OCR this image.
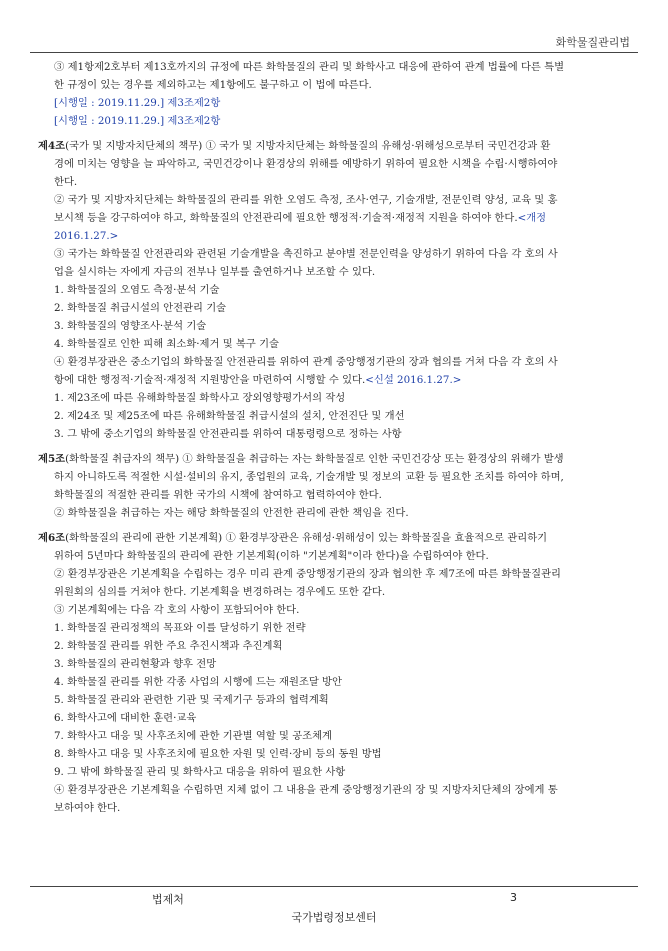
화학물질관리법
③ 제1항제2호부터 제13호까지의 규정에 따른 화학물질의 관리 및 화학사고 대응에 관하여 관계 법률에 다른 특별
한 규정이 있는 경우를 제외하고는 제1항에도 불구하고 이 법에 따른다.
[시행일 : 2019.11.29.] 제3조제2항
[시행일 : 2019.11.29.] 제3조제2항
제4조(국가 및 지방자치단체의 책무) ① 국가 및 지방자치단체는 화학물질의 유해성·위해성으로부터 국민건강과 환
경에 미치는 영향을 늘 파악하고, 국민건강이나 환경상의 위해를 예방하기 위하여 필요한 시책을 수립·시행하여야
한다.
② 국가 및 지방자치단체는 화학물질의 관리를 위한 오염도 측정, 조사·연구, 기술개발, 전문인력 양성, 교육 및 홍
보시책 등을 강구하여야 하고, 화학물질의 안전관리에 필요한 행정적·기술적·재정적 지원을 하여야 한다.<개정
2016.1.27.>
③ 국가는 화학물질 안전관리와 관련된 기술개발을 촉진하고 분야별 전문인력을 양성하기 위하여 다음 각 호의 사
업을 실시하는 자에게 자금의 전부나 일부를 출연하거나 보조할 수 있다.
1. 화학물질의 오염도 측정·분석 기술
2. 화학물질 취급시설의 안전관리 기술
3. 화학물질의 영향조사·분석 기술
4. 화학물질로 인한 피해 최소화·제거 및 복구 기술
④ 환경부장관은 중소기업의 화학물질 안전관리를 위하여 관계 중앙행정기관의 장과 협의를 거쳐 다음 각 호의 사
항에 대한 행정적·기술적·재정적 지원방안을 마련하여 시행할 수 있다.<신설 2016.1.27.>
1. 제23조에 따른 유해화학물질 화학사고 장외영향평가서의 작성
2. 제24조 및 제25조에 따른 유해화학물질 취급시설의 설치, 안전진단 및 개선
3. 그 밖에 중소기업의 화학물질 안전관리를 위하여 대통령령으로 정하는 사항
제5조(화학물질 취급자의 책무) ① 화학물질을 취급하는 자는 화학물질로 인한 국민건강상 또는 환경상의 위해가 발생
하지 아니하도록 적절한 시설·설비의 유지, 종업원의 교육, 기술개발 및 정보의 교환 등 필요한 조치를 하여야 하며,
화학물질의 적절한 관리를 위한 국가의 시책에 참여하고 협력하여야 한다.
② 화학물질을 취급하는 자는 해당 화학물질의 안전한 관리에 관한 책임을 진다.
제6조(화학물질의 관리에 관한 기본계획) ① 환경부장관은 유해성·위해성이 있는 화학물질을 효율적으로 관리하기
위하여 5년마다 화학물질의 관리에 관한 기본계획(이하 "기본계획"이라 한다)을 수립하여야 한다.
② 환경부장관은 기본계획을 수립하는 경우 미리 관계 중앙행정기관의 장과 협의한 후 제7조에 따른 화학물질관리
위원회의 심의를 거쳐야 한다. 기본계획을 변경하려는 경우에도 또한 같다.
③ 기본계획에는 다음 각 호의 사항이 포함되어야 한다.
1. 화학물질 관리정책의 목표와 이를 달성하기 위한 전략
2. 화학물질 관리를 위한 주요 추진시책과 추진계획
3. 화학물질의 관리현황과 향후 전망
4. 화학물질 관리를 위한 각종 사업의 시행에 드는 재원조달 방안
5. 화학물질 관리와 관련한 기관 및 국제기구 등과의 협력계획
6. 화학사고에 대비한 훈련·교육
7. 화학사고 대응 및 사후조치에 관한 기관별 역할 및 공조체계
8. 화학사고 대응 및 사후조치에 필요한 자원 및 인력·장비 등의 동원 방법
9. 그 밖에 화학물질 관리 및 화학사고 대응을 위하여 필요한 사항
④ 환경부장관은 기본계획을 수립하면 지체 없이 그 내용을 관계 중앙행정기관의 장 및 지방자치단체의 장에게 통
보하여야 한다.
법제처	3
국가법령정보센터
